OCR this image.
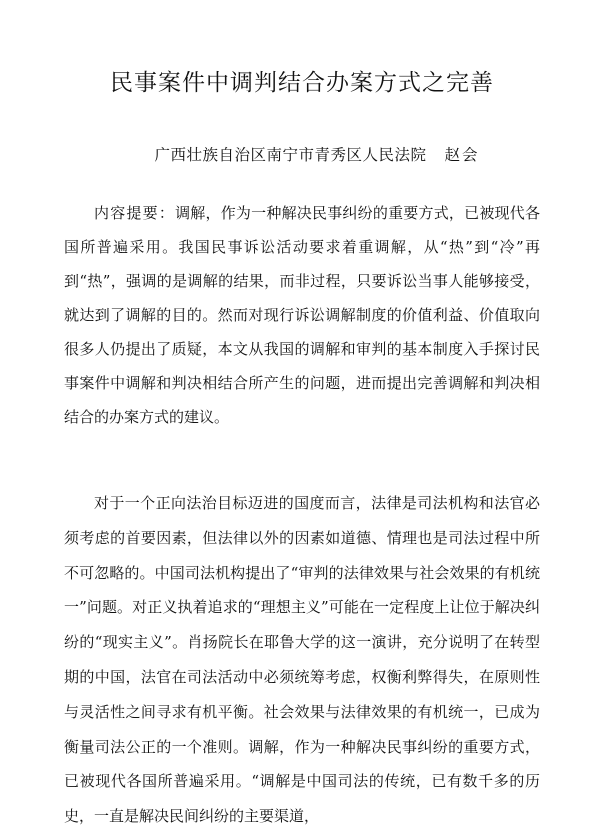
民事案件中调判结合办案方式之完善

广西壮族自治区南宁市青秀区人民法院 赵会

内容提要：调解，作为一种解决民事纠纷的重要方式，已被现代各国所普遍采用。我国民事诉讼活动要求着重调解，从“热”到“冷”再到“热”，强调的是调解的结果，而非过程，只要诉讼当事人能够接受，就达到了调解的目的。然而对现行诉讼调解制度的价值利益、价值取向很多人仍提出了质疑，本文从我国的调解和审判的基本制度入手探讨民事案件中调解和判决相结合所产生的问题，进而提出完善调解和判决相结合的办案方式的建议。

对于一个正向法治目标迈进的国度而言，法律是司法机构和法官必须考虑的首要因素，但法律以外的因素如道德、情理也是司法过程中所不可忽略的。中国司法机构提出了“审判的法律效果与社会效果的有机统一”问题。对正义执着追求的“理想主义”可能在一定程度上让位于解决纠纷的“现实主义”。肖扬院长在耶鲁大学的这一演讲，充分说明了在转型期的中国，法官在司法活动中必须统筹考虑，权衡利弊得失，在原则性与灵活性之间寻求有机平衡。社会效果与法律效果的有机统一，已成为衡量司法公正的一个准则。调解，作为一种解决民事纠纷的重要方式，已被现代各国所普遍采用。“调解是中国司法的传统，已有数千多的历史，一直是解决民间纠纷的主要渠道，
